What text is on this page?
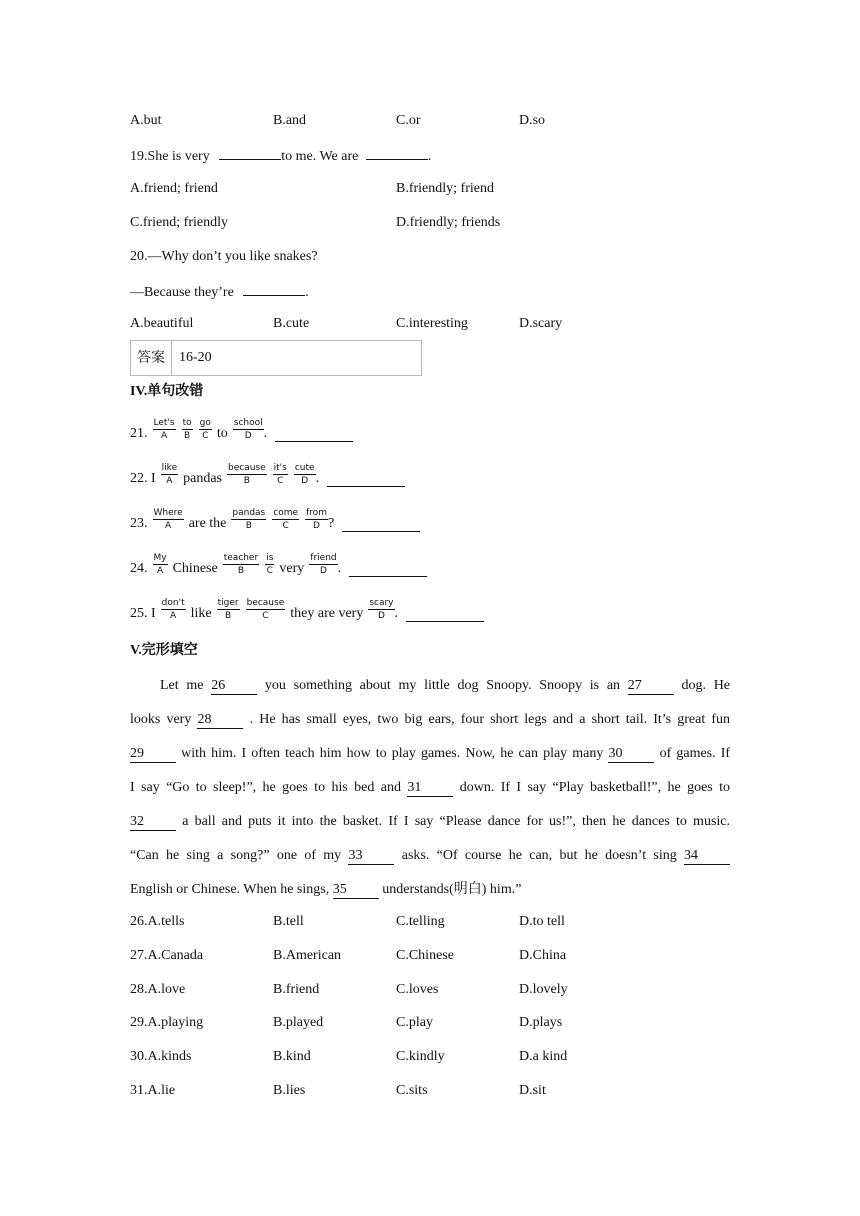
A.but	B.and	C.or	D.so
19.She is very	to me. We are	.
A.friend; friend	B.friendly; friend
C.friend; friendly	D.friendly; friends
20.—Why don’t you like snakes?
—Because they’re	.
A.beautiful	B.cute	C.interesting	D.scary
答案	16-20
IV.单句改错
21.
Let's
A	$\frac{to}{B} \frac{go}{C}$ to
school
D .
22. I
like
A pandas
because
B	$\frac{it's}{C}$ cute
D .
23.
Where
A	are the
pandas
B
come
C
from
D ?
24. $\frac{My}{A}$ Chinese
teacher
B	$\frac{is}{C}$ very
friend
D .
25. I
don't
A	like
tiger
B
because
C	they are very
scary
D .
V.完形填空
Let me 26	you something about my little dog Snoopy. Snoopy is an 27	dog. He
looks very 28	. He has small eyes, two big ears, four short legs and a short tail. It’s great fun
29	with him. I often teach him how to play games. Now, he can play many 30	of games. If
I say “Go to sleep!”, he goes to his bed and 31	down. If I say “Play basketball!”, he goes to
32	a ball and puts it into the basket. If I say “Please dance for us!”, then he dances to music.
“Can he sing a song?” one of my 33	asks. “Of course he can, but he doesn’t sing 34
English or Chinese. When he sings, 35	understands(明白) him.”
26.A.tells	B.tell	C.telling	D.to tell
27.A.Canada	B.American	C.Chinese	D.China
28.A.love	B.friend	C.loves	D.lovely
29.A.playing	B.played	C.play	D.plays
30.A.kinds	B.kind	C.kindly	D.a kind
31.A.lie	B.lies	C.sits	D.sit
